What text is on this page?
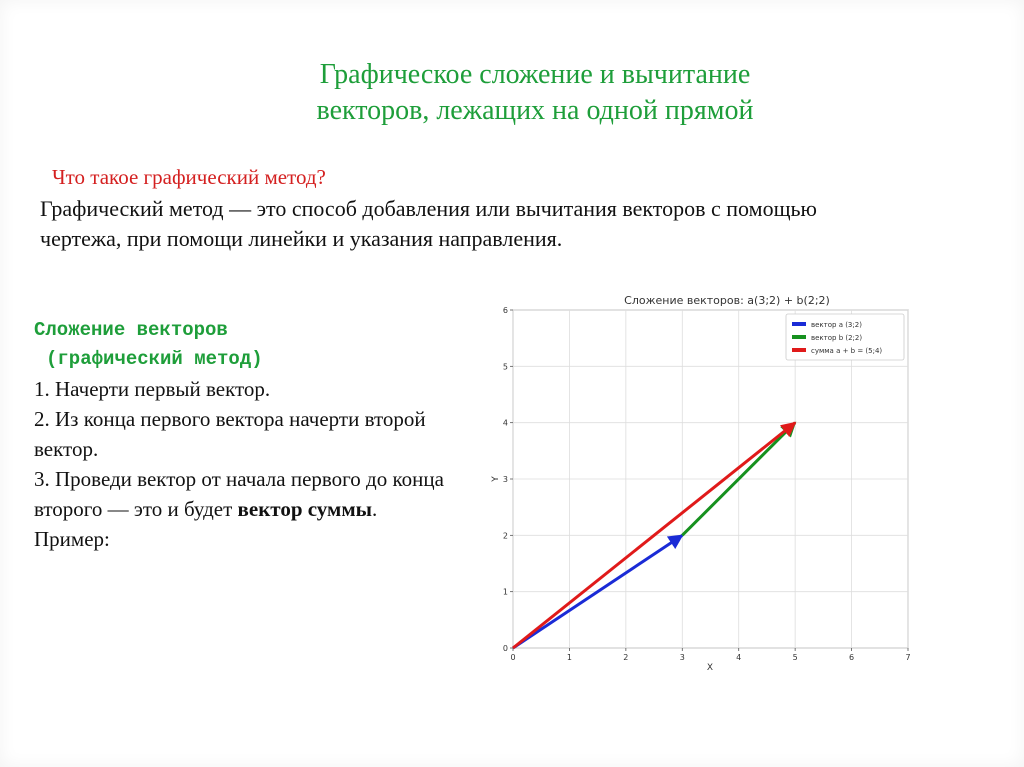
Графическое сложение и вычитание
векторов, лежащих на одной прямой
Что такое графический метод?
Графический метод — это способ добавления или вычитания векторов с помощью чертежа, при помощи линейки и указания направления.
Сложение векторов
(графический метод)

1. Начерти первый вектор.

2. Из конца первого вектора начерти второй вектор.

3. Проведи вектор от начала первого до конца второго — это и будет вектор суммы.

Пример:

Сложение векторов: a(3;2) + b(2;2)
0	1	2	3	4	5	6	7
0
1
2
3
4
5
6
X
Y
вектор a (3;2)
вектор b (2;2)
сумма a + b = (5;4)
